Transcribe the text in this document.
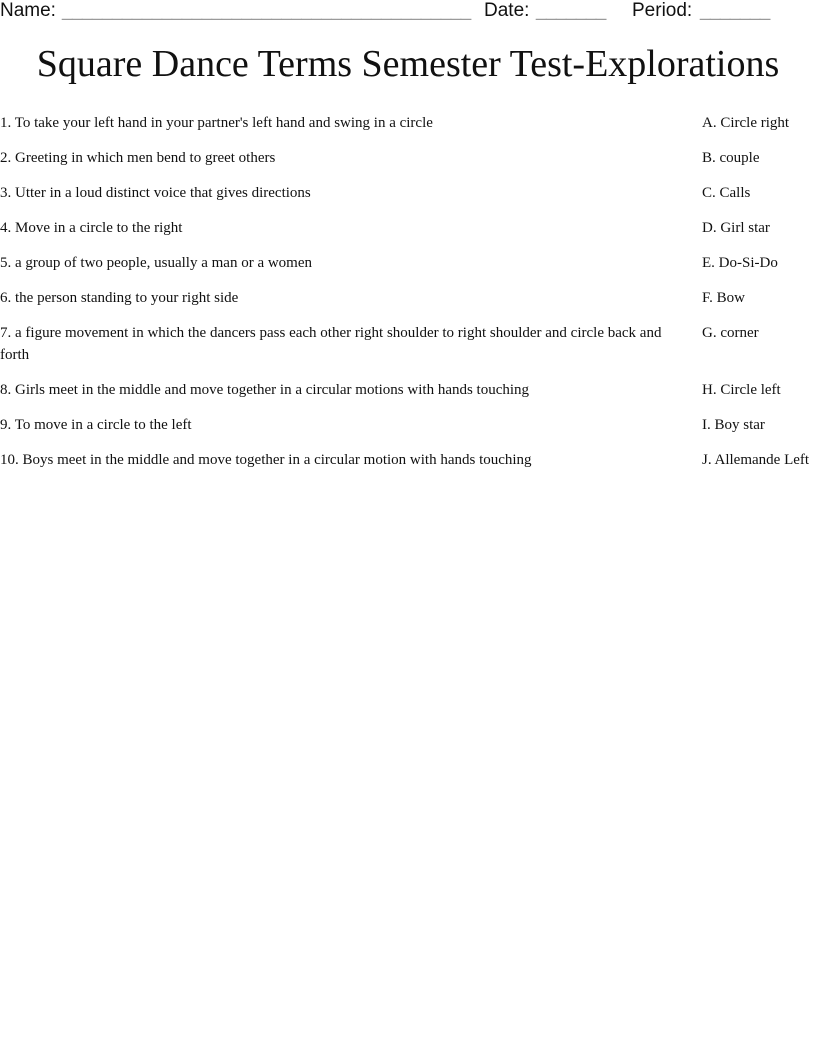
Name: _________________________________________ Date: _______ Period: _______
Square Dance Terms Semester Test-Explorations
1. To take your left hand in your partner's left hand and swing in a circle	A. Circle right
2. Greeting in which men bend to greet others	B. couple
3. Utter in a loud distinct voice that gives directions	C. Calls
4. Move in a circle to the right	D. Girl star
5. a group of two people, usually a man or a women	E. Do-Si-Do
6. the person standing to your right side	F. Bow
7. a figure movement in which the dancers pass each other right shoulder to right shoulder and circle back and forth
G. corner
8. Girls meet in the middle and move together in a circular motions with hands touching	H. Circle left
9. To move in a circle to the left	I. Boy star
10. Boys meet in the middle and move together in a circular motion with hands touching	J. Allemande Left
